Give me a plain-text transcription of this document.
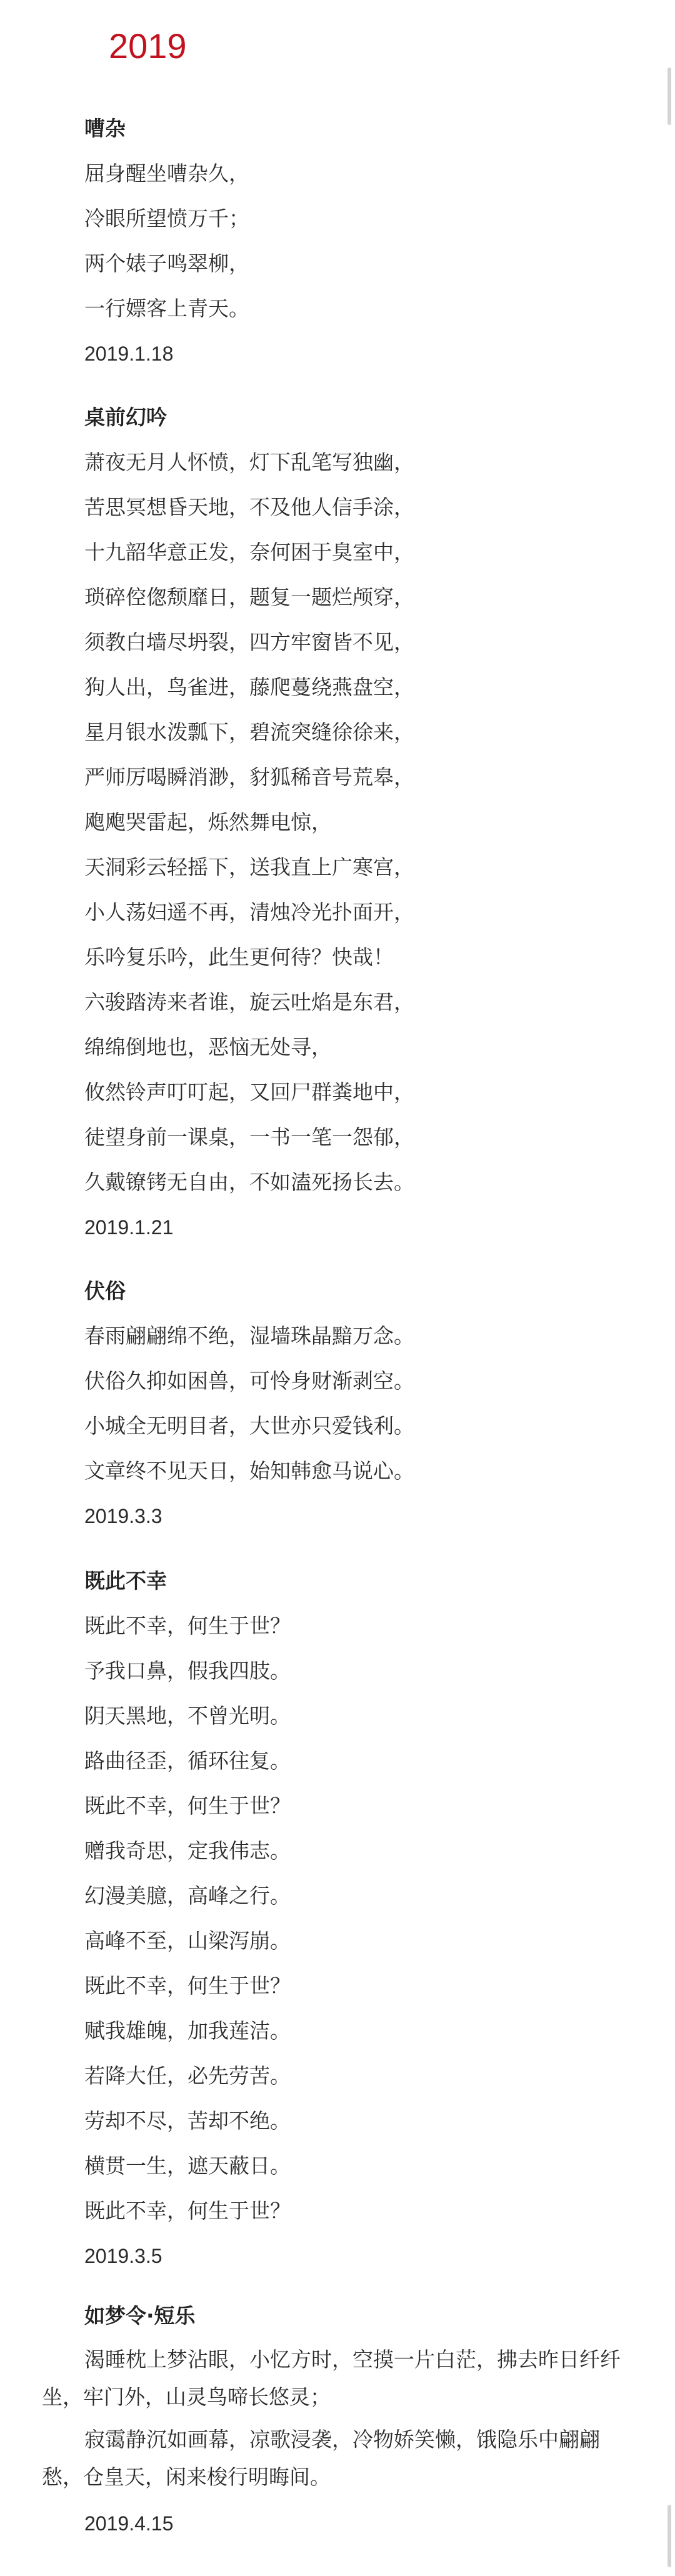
2019
嘈杂
屈身醒坐嘈杂久，
冷眼所望愤万千；
两个婊子鸣翠柳，
一行嫖客上青天。
2019.1.18
桌前幻吟
萧夜无月人怀愤，灯下乱笔写独幽，
苦思冥想昏天地，不及他人信手涂，
十九韶华意正发，奈何困于臭室中，
琐碎倥偬颓靡日，题复一题烂颅穿，
须教白墙尽坍裂，四方牢窗皆不见，
狗人出，鸟雀进，藤爬蔓绕燕盘空，
星月银水泼瓢下，碧流突缝徐徐来，
严师厉喝瞬消渺，豺狐稀音号荒皋，
飑飑哭雷起，烁然舞电惊，
天洞彩云轻摇下，送我直上广寒宫，
小人荡妇遥不再，清烛冷光扑面开，
乐吟复乐吟，此生更何待？快哉！
六骏踏涛来者谁，旋云吐焰是东君，
绵绵倒地也，恶恼无处寻，
攸然铃声叮叮起，又回尸群粪地中，
徒望身前一课桌，一书一笔一怨郁，
久戴镣铐无自由，不如溘死扬长去。
2019.1.21
伏俗
春雨翩翩绵不绝，湿墙珠晶黯万念。
伏俗久抑如困兽，可怜身财渐剥空。
小城全无明目者，大世亦只爱钱利。
文章终不见天日，始知韩愈马说心。
2019.3.3
既此不幸
既此不幸，何生于世？
予我口鼻，假我四肢。
阴天黑地，不曾光明。
路曲径歪，循环往复。
既此不幸，何生于世？
赠我奇思，定我伟志。
幻漫美臆，高峰之行。
高峰不至，山梁泻崩。
既此不幸，何生于世？
赋我雄魄，加我莲洁。
若降大任，必先劳苦。
劳却不尽，苦却不绝。
横贯一生，遮天蔽日。
既此不幸，何生于世？
2019.3.5
如梦令·短乐
渴睡枕上梦沾眼，小忆方时，空摸一片白茫，拂去昨日纤纤坐，牢门外，山灵鸟啼长悠灵；
寂霭静沉如画幕，凉歌浸袭，冷物娇笑懒，饿隐乐中翩翩愁，仓皇天，闲来梭行明晦间。
2019.4.15
